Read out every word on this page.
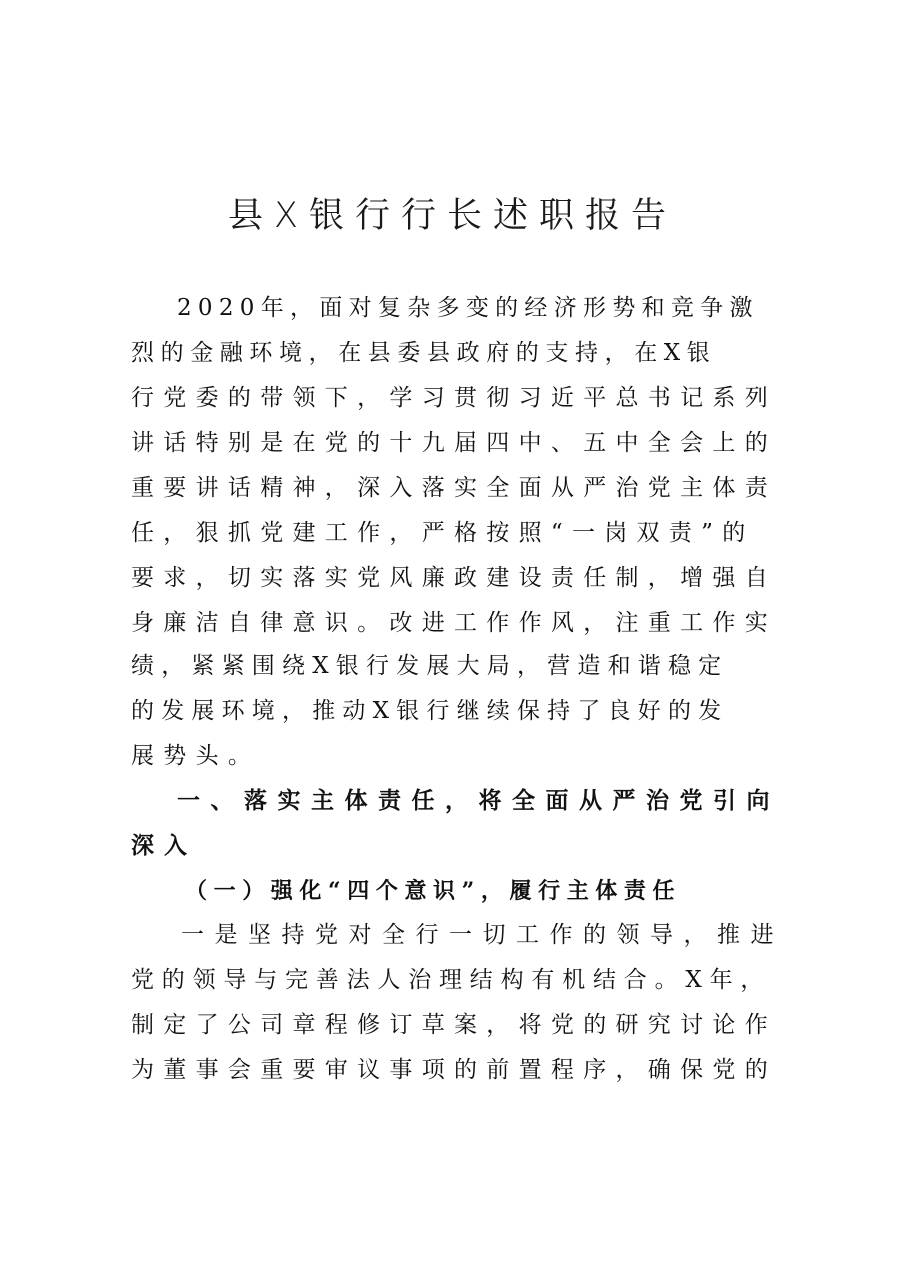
县X银行行长述职报告

2020年，面对复杂多变的经济形势和竞争激

烈的金融环境，在县委县政府的支持，在X银

行党委的带领下，学习贯彻习近平总书记系列

讲话特别是在党的十九届四中、五中全会上的

重要讲话精神，深入落实全面从严治党主体责

任，狠抓党建工作，严格按照“一岗双责”的

要求，切实落实党风廉政建设责任制，增强自

身廉洁自律意识。改进工作作风，注重工作实

绩，紧紧围绕X银行发展大局，营造和谐稳定

的发展环境，推动X银行继续保持了良好的发

展势头。

一、落实主体责任，将全面从严治党引向

深入

（一）强化“四个意识”，履行主体责任

一是坚持党对全行一切工作的领导，推进

党的领导与完善法人治理结构有机结合。X年，

制定了公司章程修订草案，将党的研究讨论作

为董事会重要审议事项的前置程序，确保党的
